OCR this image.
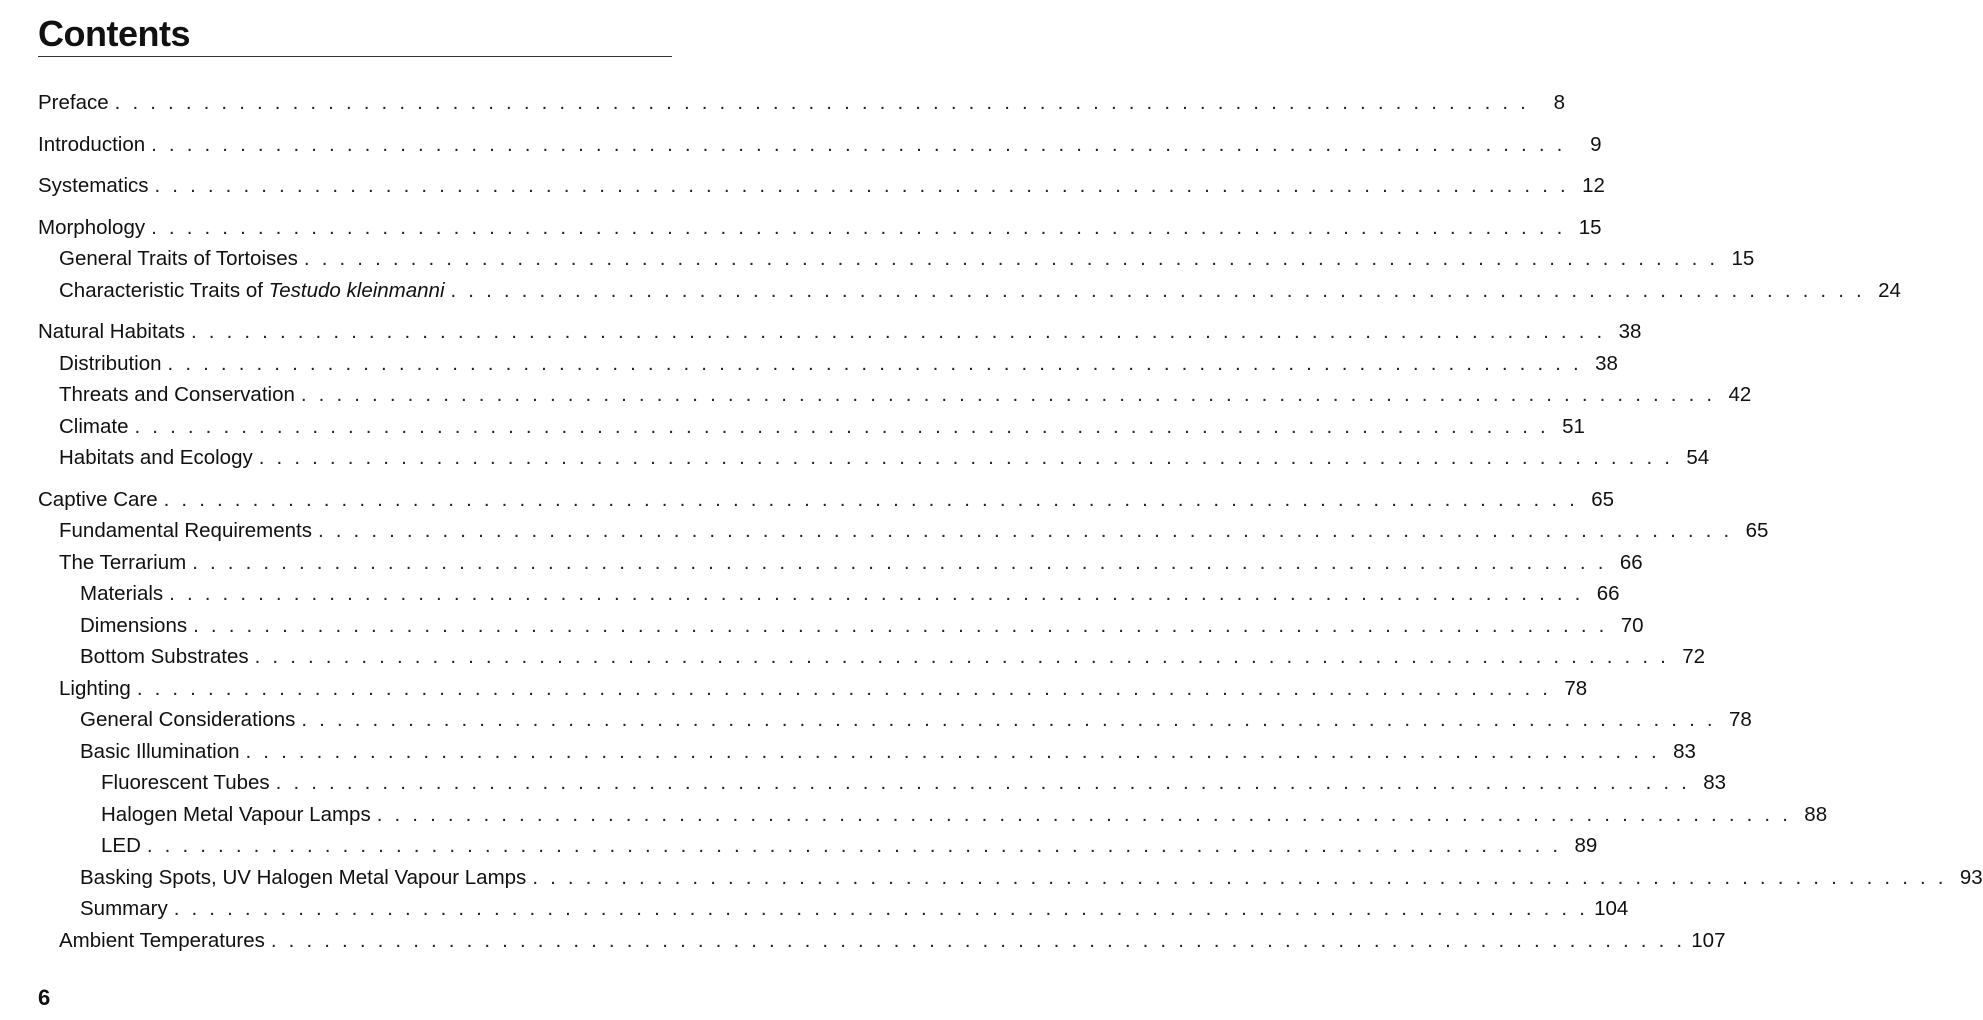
Contents
Preface . . . . . . . . . . . . . . . . . . . . . . . . . . . . . . . . . . . . . . . . . . . . . . . . . . . . . . . . . . . . . . . . . . . . . . . . . . . . . . . .	8
Introduction . . . . . . . . . . . . . . . . . . . . . . . . . . . . . . . . . . . . . . . . . . . . . . . . . . . . . . . . . . . . . . . . . . . . . . . . . . . . . . . .	9
Systematics . . . . . . . . . . . . . . . . . . . . . . . . . . . . . . . . . . . . . . . . . . . . . . . . . . . . . . . . . . . . . . . . . . . . . . . . . . . . . . . . 12
Morphology . . . . . . . . . . . . . . . . . . . . . . . . . . . . . . . . . . . . . . . . . . . . . . . . . . . . . . . . . . . . . . . . . . . . . . . . . . . . . . . . 15
General Traits of Tortoises . . . . . . . . . . . . . . . . . . . . . . . . . . . . . . . . . . . . . . . . . . . . . . . . . . . . . . . . . . . . . . . . . . . . . . . . . . . . . . . . 15
Characteristic Traits of Testudo kleinmanni . . . . . . . . . . . . . . . . . . . . . . . . . . . . . . . . . . . . . . . . . . . . . . . . . . . . . . . . . . . . . . . . . . . . . . . . . . . . . . . . 24
Natural Habitats . . . . . . . . . . . . . . . . . . . . . . . . . . . . . . . . . . . . . . . . . . . . . . . . . . . . . . . . . . . . . . . . . . . . . . . . . . . . . . . . 38
Distribution . . . . . . . . . . . . . . . . . . . . . . . . . . . . . . . . . . . . . . . . . . . . . . . . . . . . . . . . . . . . . . . . . . . . . . . . . . . . . . . . 38
Threats and Conservation . . . . . . . . . . . . . . . . . . . . . . . . . . . . . . . . . . . . . . . . . . . . . . . . . . . . . . . . . . . . . . . . . . . . . . . . . . . . . . . . 42
Climate . . . . . . . . . . . . . . . . . . . . . . . . . . . . . . . . . . . . . . . . . . . . . . . . . . . . . . . . . . . . . . . . . . . . . . . . . . . . . . . . 51
Habitats and Ecology . . . . . . . . . . . . . . . . . . . . . . . . . . . . . . . . . . . . . . . . . . . . . . . . . . . . . . . . . . . . . . . . . . . . . . . . . . . . . . . . 54
Captive Care . . . . . . . . . . . . . . . . . . . . . . . . . . . . . . . . . . . . . . . . . . . . . . . . . . . . . . . . . . . . . . . . . . . . . . . . . . . . . . . . 65
Fundamental Requirements . . . . . . . . . . . . . . . . . . . . . . . . . . . . . . . . . . . . . . . . . . . . . . . . . . . . . . . . . . . . . . . . . . . . . . . . . . . . . . . . 65
The Terrarium . . . . . . . . . . . . . . . . . . . . . . . . . . . . . . . . . . . . . . . . . . . . . . . . . . . . . . . . . . . . . . . . . . . . . . . . . . . . . . . . 66
Materials . . . . . . . . . . . . . . . . . . . . . . . . . . . . . . . . . . . . . . . . . . . . . . . . . . . . . . . . . . . . . . . . . . . . . . . . . . . . . . . . 66
Dimensions . . . . . . . . . . . . . . . . . . . . . . . . . . . . . . . . . . . . . . . . . . . . . . . . . . . . . . . . . . . . . . . . . . . . . . . . . . . . . . . . 70
Bottom Substrates . . . . . . . . . . . . . . . . . . . . . . . . . . . . . . . . . . . . . . . . . . . . . . . . . . . . . . . . . . . . . . . . . . . . . . . . . . . . . . . . 72
Lighting . . . . . . . . . . . . . . . . . . . . . . . . . . . . . . . . . . . . . . . . . . . . . . . . . . . . . . . . . . . . . . . . . . . . . . . . . . . . . . . . 78
General Considerations . . . . . . . . . . . . . . . . . . . . . . . . . . . . . . . . . . . . . . . . . . . . . . . . . . . . . . . . . . . . . . . . . . . . . . . . . . . . . . . . 78
Basic Illumination . . . . . . . . . . . . . . . . . . . . . . . . . . . . . . . . . . . . . . . . . . . . . . . . . . . . . . . . . . . . . . . . . . . . . . . . . . . . . . . . 83
Fluorescent Tubes . . . . . . . . . . . . . . . . . . . . . . . . . . . . . . . . . . . . . . . . . . . . . . . . . . . . . . . . . . . . . . . . . . . . . . . . . . . . . . . . 83
Halogen Metal Vapour Lamps . . . . . . . . . . . . . . . . . . . . . . . . . . . . . . . . . . . . . . . . . . . . . . . . . . . . . . . . . . . . . . . . . . . . . . . . . . . . . . . . 88
LED . . . . . . . . . . . . . . . . . . . . . . . . . . . . . . . . . . . . . . . . . . . . . . . . . . . . . . . . . . . . . . . . . . . . . . . . . . . . . . . . 89
Basking Spots, UV Halogen Metal Vapour Lamps . . . . . . . . . . . . . . . . . . . . . . . . . . . . . . . . . . . . . . . . . . . . . . . . . . . . . . . . . . . . . . . . . . . . . . . . . . . . . . . . 93
Summary . . . . . . . . . . . . . . . . . . . . . . . . . . . . . . . . . . . . . . . . . . . . . . . . . . . . . . . . . . . . . . . . . . . . . . . . . . . . . . . . 104
Ambient Temperatures . . . . . . . . . . . . . . . . . . . . . . . . . . . . . . . . . . . . . . . . . . . . . . . . . . . . . . . . . . . . . . . . . . . . . . . . . . . . . . . . 107
6
